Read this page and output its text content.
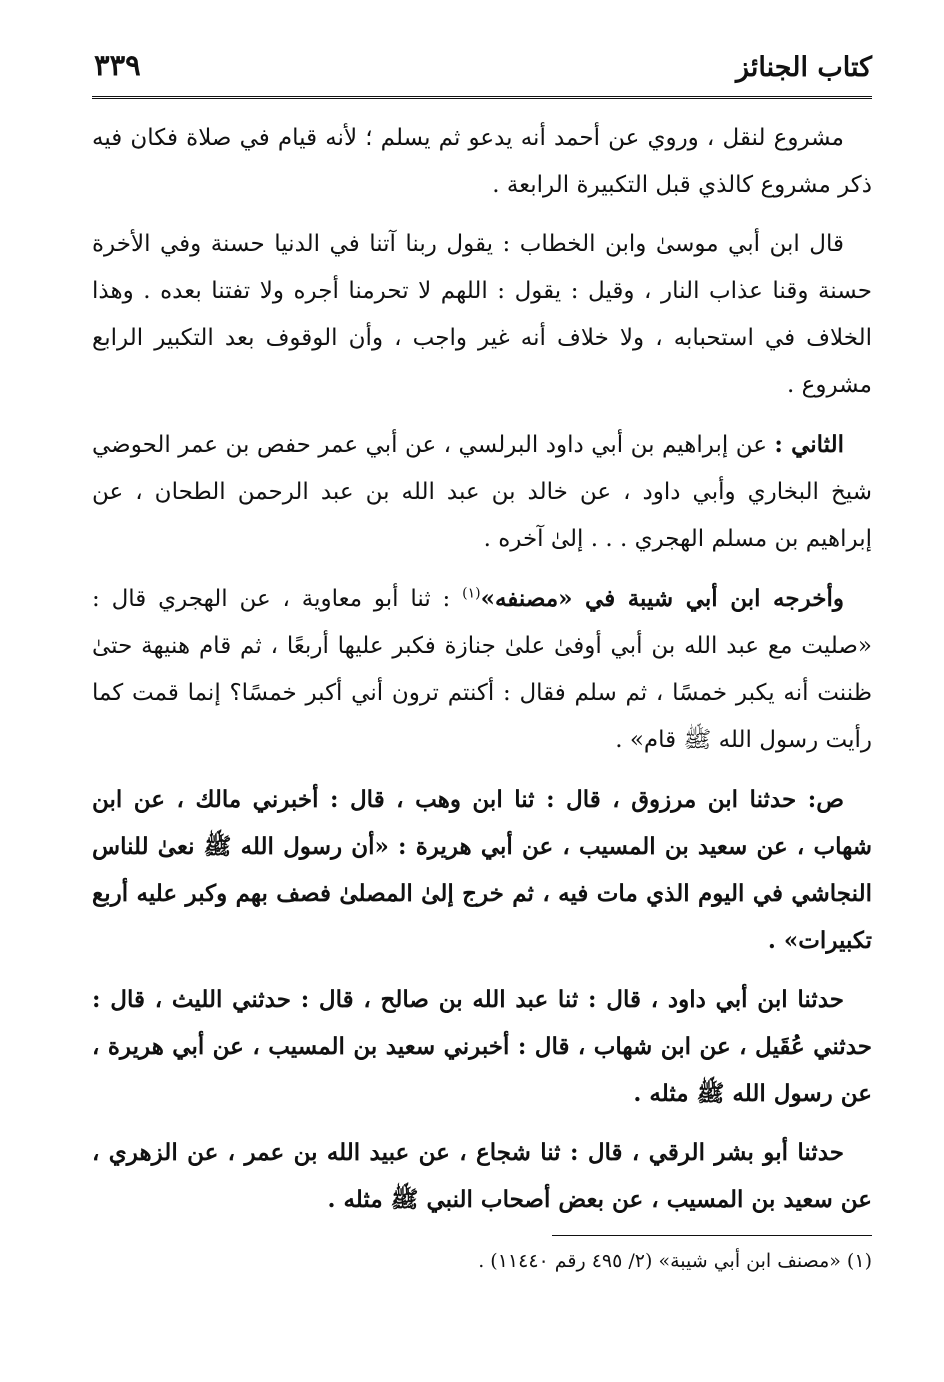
كتاب الجنائز
٣٣٩

مشروع لنقل ، وروي عن أحمد أنه يدعو ثم يسلم ؛ لأنه قيام في صلاة فكان فيه ذكر مشروع كالذي قبل التكبيرة الرابعة .

قال ابن أبي موسىٰ وابن الخطاب : يقول ربنا آتنا في الدنيا حسنة وفي الأخرة حسنة وقنا عذاب النار ، وقيل : يقول : اللهم لا تحرمنا أجره ولا تفتنا بعده . وهذا الخلاف في استحبابه ، ولا خلاف أنه غير واجب ، وأن الوقوف بعد التكبير الرابع مشروع .

الثاني : عن إبراهيم بن أبي داود البرلسي ، عن أبي عمر حفص بن عمر الحوضي شيخ البخاري وأبي داود ، عن خالد بن عبد الله بن عبد الرحمن الطحان ، عن إبراهيم بن مسلم الهجري . . . إلىٰ آخره .

وأخرجه ابن أبي شيبة في «مصنفه»$^{(١)}$ : ثنا أبو معاوية ، عن الهجري قال : «صليت مع عبد الله بن أبي أوفىٰ علىٰ جنازة فكبر عليها أربعًا ، ثم قام هنيهة حتىٰ ظننت أنه يكبر خمسًا ، ثم سلم فقال : أكنتم ترون أني أكبر خمسًا؟ إنما قمت كما رأيت رسول الله ﷺ قام» .

ص: حدثنا ابن مرزوق ، قال : ثنا ابن وهب ، قال : أخبرني مالك ، عن ابن شهاب ، عن سعيد بن المسيب ، عن أبي هريرة : «أن رسول الله ﷺ نعىٰ للناس النجاشي في اليوم الذي مات فيه ، ثم خرج إلىٰ المصلىٰ فصف بهم وكبر عليه أربع تكبيرات» .

حدثنا ابن أبي داود ، قال : ثنا عبد الله بن صالح ، قال : حدثني الليث ، قال : حدثني عُقَيل ، عن ابن شهاب ، قال : أخبرني سعيد بن المسيب ، عن أبي هريرة ، عن رسول الله ﷺ مثله .

حدثنا أبو بشر الرقي ، قال : ثنا شجاع ، عن عبيد الله بن عمر ، عن الزهري ، عن سعيد بن المسيب ، عن بعض أصحاب النبي ﷺ مثله .

(١) «مصنف ابن أبي شيبة» (٢/ ٤٩٥ رقم ١١٤٤٠) .
